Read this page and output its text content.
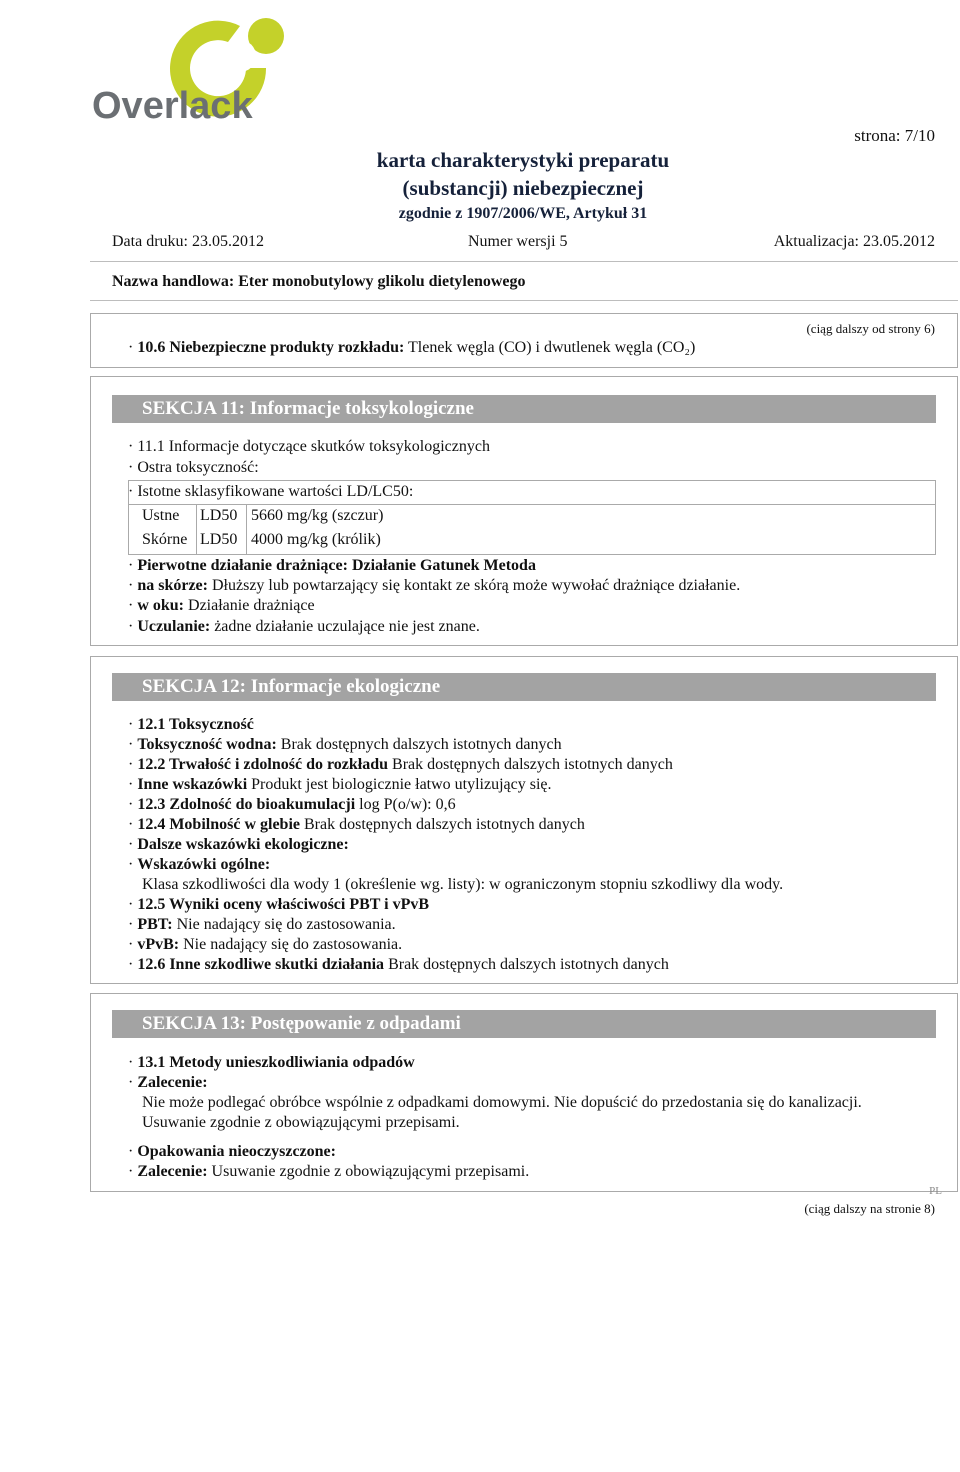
Overlack
strona: 7/10
karta charakterystyki preparatu
(substancji) niebezpiecznej
zgodnie z 1907/2006/WE, Artykuł 31
Data druku: 23.05.2012	Numer wersji 5	Aktualizacja: 23.05.2012
Nazwa handlowa: Eter monobutylowy glikolu dietylenowego
(ciąg dalszy od strony 6)
· 10.6 Niebezpieczne produkty rozkładu: Tlenek węgla (CO) i dwutlenek węgla (CO₂)
SEKCJA 11: Informacje toksykologiczne
· 11.1 Informacje dotyczące skutków toksykologicznych
· Ostra toksyczność:
· Istotne sklasyfikowane wartości LD/LC50:
Ustne LD50 5660 mg/kg (szczur)
Skórne LD50 4000 mg/kg (królik)
· Pierwotne działanie drażniące: Działanie Gatunek Metoda
· na skórze: Dłuższy lub powtarzający się kontakt ze skórą może wywołać drażniące działanie.
· w oku: Działanie drażniące
· Uczulanie: żadne działanie uczulające nie jest znane.
SEKCJA 12: Informacje ekologiczne
· 12.1 Toksyczność
· Toksyczność wodna: Brak dostępnych dalszych istotnych danych
· 12.2 Trwałość i zdolność do rozkładu Brak dostępnych dalszych istotnych danych
· Inne wskazówki Produkt jest biologicznie łatwo utylizujący się.
· 12.3 Zdolność do bioakumulacji log P(o/w): 0,6
· 12.4 Mobilność w glebie Brak dostępnych dalszych istotnych danych
· Dalsze wskazówki ekologiczne:
· Wskazówki ogólne:
Klasa szkodliwości dla wody 1 (określenie wg. listy): w ograniczonym stopniu szkodliwy dla wody.
· 12.5 Wyniki oceny właściwości PBT i vPvB
· PBT: Nie nadający się do zastosowania.
· vPvB: Nie nadający się do zastosowania.
· 12.6 Inne szkodliwe skutki działania Brak dostępnych dalszych istotnych danych
SEKCJA 13: Postępowanie z odpadami
· 13.1 Metody unieszkodliwiania odpadów
· Zalecenie:
Nie może podlegać obróbce wspólnie z odpadkami domowymi. Nie dopuścić do przedostania się do kanalizacji.
Usuwanie zgodnie z obowiązującymi przepisami.
· Opakowania nieoczyszczone:
· Zalecenie: Usuwanie zgodnie z obowiązującymi przepisami.
PL
(ciąg dalszy na stronie 8)
